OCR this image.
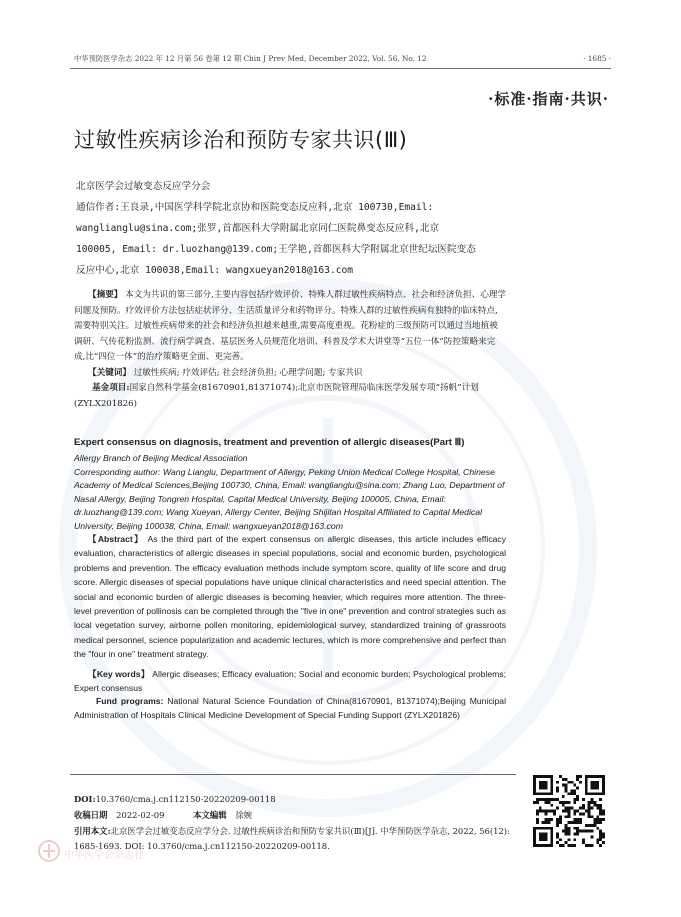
中华预防医学杂志 2022 年 12 月第 56 卷第 12 期 Chin J Prev Med, December 2022, Vol. 56, No. 12	· 1685 ·
·标准·指南·共识·
过敏性疾病诊治和预防专家共识(Ⅲ)
北京医学会过敏变态反应学分会
通信作者:王良录,中国医学科学院北京协和医院变态反应科,北京 100730,Email:
wanglianglu@sina.com;张罗,首都医科大学附属北京同仁医院鼻变态反应科,北京
100005, Email: dr.luozhang@139.com;王学艳,首都医科大学附属北京世纪坛医院变态
反应中心,北京 100038,Email: wangxueyan2018@163.com
【摘要】 本文为共识的第三部分,主要内容包括疗效评价、特殊人群过敏性疾病特点、社会和经济负担、心理学问题及预防。疗效评价方法包括症状评分、生活质量评分和药物评分。特殊人群的过敏性疾病有独特的临床特点,需要特别关注。过敏性疾病带来的社会和经济负担越来越重,需要高度重视。花粉症的三级预防可以通过当地植被调研、气传花粉监测、流行病学调查、基层医务人员规范化培训、科普及学术大讲堂等“五位一体”防控策略来完成,比“四位一体”的治疗策略更全面、更完善。
【关键词】 过敏性疾病; 疗效评估; 社会经济负担; 心理学问题; 专家共识
基金项目:国家自然科学基金(81670901,81371074);北京市医院管理局临床医学发展专项“扬帆”计划(ZYLX201826)
Expert consensus on diagnosis, treatment and prevention of allergic diseases(Part Ⅲ)
Allergy Branch of Beijing Medical Association
Corresponding author: Wang Lianglu, Department of Allergy, Peking Union Medical College Hospital, Chinese Academy of Medical Sciences,Beijing 100730, China, Email: wanglianglu@sina.com; Zhang Luo, Department of Nasal Allergy, Beijing Tongren Hospital, Capital Medical University, Beijing 100005, China, Email: dr.luozhang@139.com; Wang Xueyan, Allergy Center, Beijing Shijitan Hospital Affiliated to Capital Medical University, Beijing 100038, China, Email: wangxueyan2018@163.com
【Abstract】 As the third part of the expert consensus on allergic diseases, this article includes efficacy evaluation, characteristics of allergic diseases in special populations, social and economic burden, psychological problems and prevention. The efficacy evaluation methods include symptom score, quality of life score and drug score. Allergic diseases of special populations have unique clinical characteristics and need special attention. The social and economic burden of allergic diseases is becoming heavier, which requires more attention. The three-level prevention of pollinosis can be completed through the "five in one" prevention and control strategies such as local vegetation survey, airborne pollen monitoring, epidemiological survey, standardized training of grassroots medical personnel, science popularization and academic lectures, which is more comprehensive and perfect than the "four in one" treatment strategy.
【Key words】 Allergic diseases; Efficacy evaluation; Social and economic burden; Psychological problems; Expert consensus
Fund programs: National Natural Science Foundation of China(81670901, 81371074);Beijing Municipal Administration of Hospitals Clinical Medicine Development of Special Funding Support (ZYLX201826)
DOI:10.3760/cma.j.cn112150-20220209-00118
收稿日期 2022-02-09	本文编辑 徐婉
引用本文:北京医学会过敏变态反应学分会. 过敏性疾病诊治和预防专家共识(Ⅲ)[J]. 中华预防医学杂志, 2022, 56(12): 1685-1693. DOI: 10.3760/cma.j.cn112150-20220209-00118.
中华医学会杂志社
